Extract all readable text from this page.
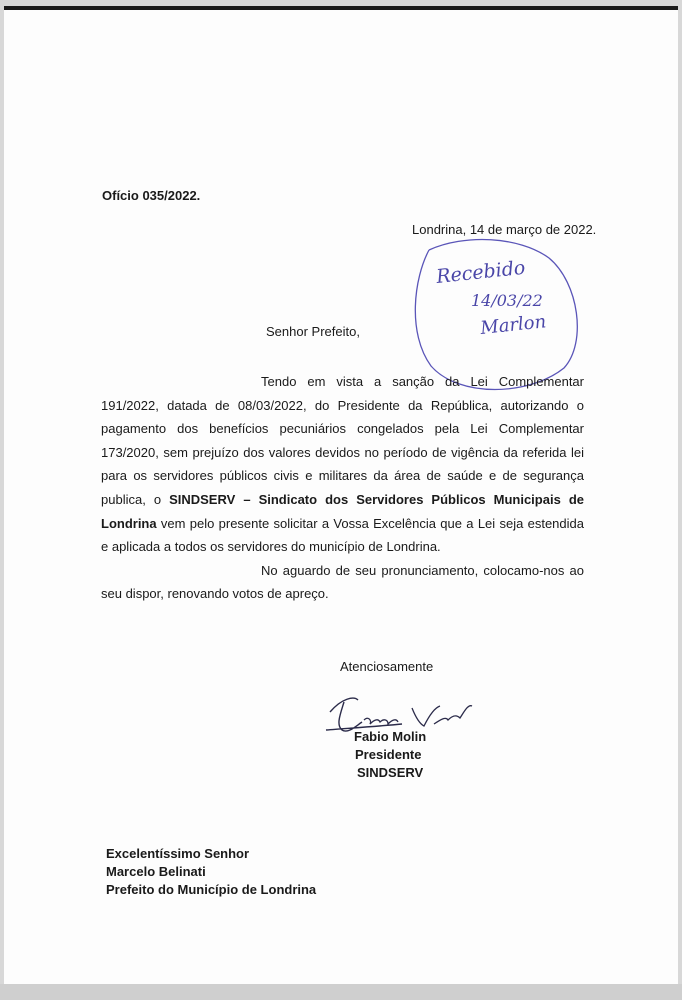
Ofício 035/2022.
Londrina, 14 de março de 2022.
Recebido
14/03/22
Marlon
Senhor Prefeito,

Tendo em vista a sanção da Lei Complementar 191/2022, datada de 08/03/2022, do Presidente da República, autorizando o pagamento dos benefícios pecuniários congelados pela Lei Complementar 173/2020, sem prejuízo dos valores devidos no período de vigência da referida lei para os servidores públicos civis e militares da área de saúde e de segurança publica, o SINDSERV – Sindicato dos Servidores Públicos Municipais de Londrina vem pelo presente solicitar a Vossa Excelência que a Lei seja estendida e aplicada a todos os servidores do município de Londrina.

No aguardo de seu pronunciamento, colocamo-nos ao seu dispor, renovando votos de apreço.

Atenciosamente
Fabio Molin
Presidente
SINDSERV
Excelentíssimo Senhor
Marcelo Belinati
Prefeito do Município de Londrina
